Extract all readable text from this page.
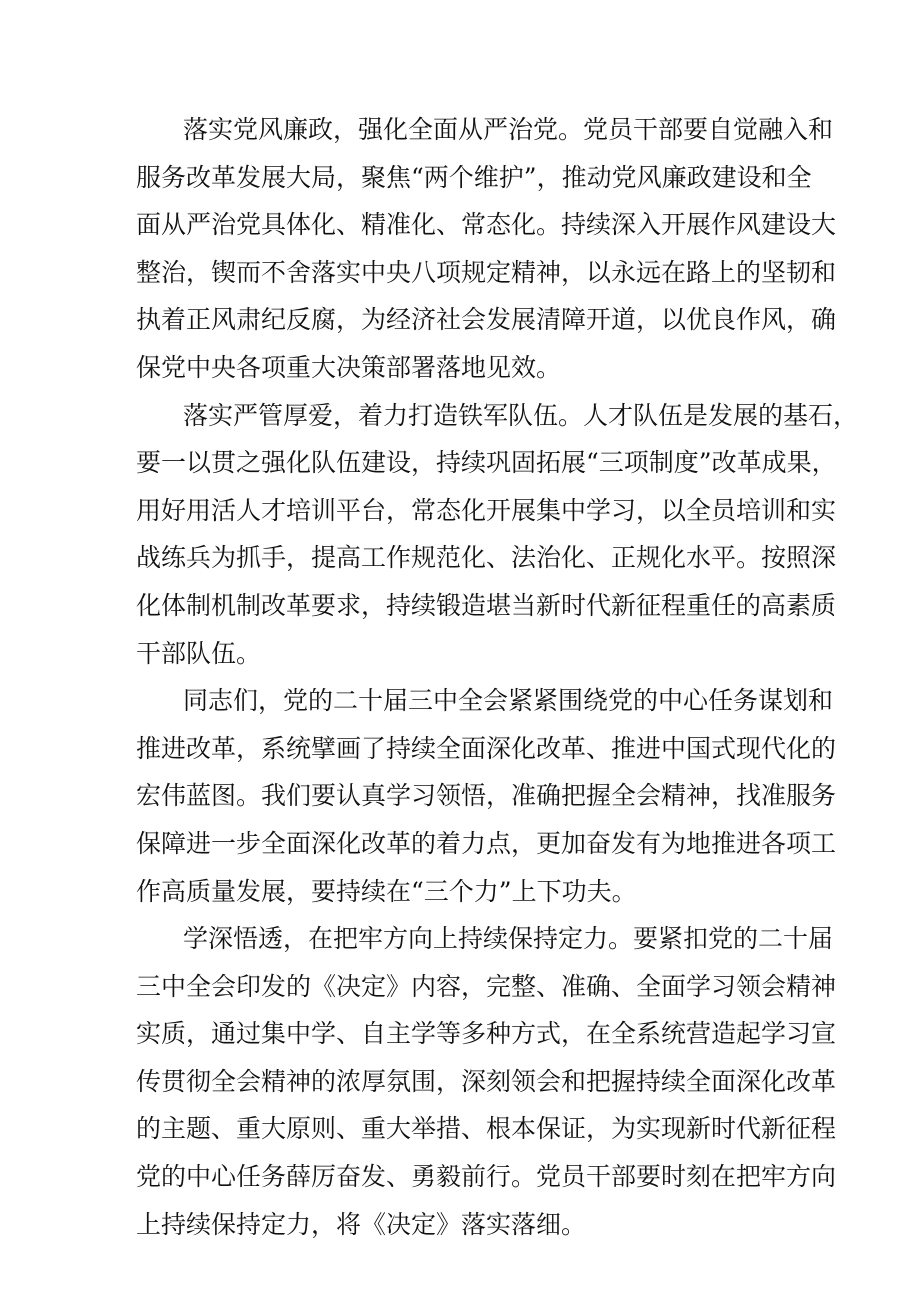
落实党风廉政，强化全面从严治党。党员干部要自觉融入和
服务改革发展大局，聚焦“两个维护”，推动党风廉政建设和全
面从严治党具体化、精准化、常态化。持续深入开展作风建设大
整治，锲而不舍落实中央八项规定精神，以永远在路上的坚韧和
执着正风肃纪反腐，为经济社会发展清障开道，以优良作风，确
保党中央各项重大决策部署落地见效。

落实严管厚爱，着力打造铁军队伍。人才队伍是发展的基石，
要一以贯之强化队伍建设，持续巩固拓展“三项制度”改革成果，
用好用活人才培训平台，常态化开展集中学习，以全员培训和实
战练兵为抓手，提高工作规范化、法治化、正规化水平。按照深
化体制机制改革要求，持续锻造堪当新时代新征程重任的高素质
干部队伍。

同志们，党的二十届三中全会紧紧围绕党的中心任务谋划和
推进改革，系统擘画了持续全面深化改革、推进中国式现代化的
宏伟蓝图。我们要认真学习领悟，准确把握全会精神，找准服务
保障进一步全面深化改革的着力点，更加奋发有为地推进各项工
作高质量发展，要持续在“三个力”上下功夫。

学深悟透，在把牢方向上持续保持定力。要紧扣党的二十届
三中全会印发的《决定》内容，完整、准确、全面学习领会精神
实质，通过集中学、自主学等多种方式，在全系统营造起学习宣
传贯彻全会精神的浓厚氛围，深刻领会和把握持续全面深化改革
的主题、重大原则、重大举措、根本保证，为实现新时代新征程
党的中心任务薛厉奋发、勇毅前行。党员干部要时刻在把牢方向
上持续保持定力，将《决定》落实落细。
